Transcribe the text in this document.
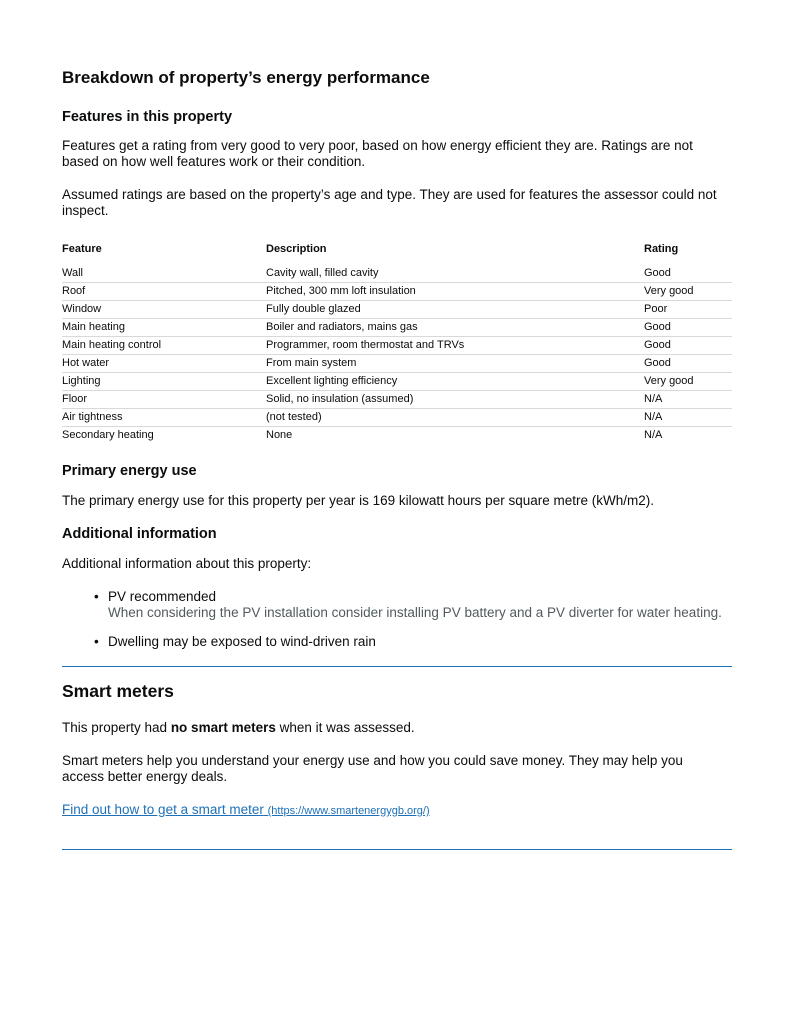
Breakdown of property’s energy performance
Features in this property

Features get a rating from very good to very poor, based on how energy efficient they are. Ratings are not based on how well features work or their condition.

Assumed ratings are based on the property’s age and type. They are used for features the assessor could not inspect.

Feature	Description	Rating
Wall	Cavity wall, filled cavity	Good
Roof	Pitched, 300 mm loft insulation	Very good
Window	Fully double glazed	Poor
Main heating	Boiler and radiators, mains gas	Good
Main heating control	Programmer, room thermostat and TRVs	Good
Hot water	From main system	Good
Lighting	Excellent lighting efficiency	Very good
Floor	Solid, no insulation (assumed)	N/A
Air tightness	(not tested)	N/A
Secondary heating	None	N/A
Primary energy use

The primary energy use for this property per year is 169 kilowatt hours per square metre (kWh/m2).

Additional information

Additional information about this property:

• PV recommended
When considering the PV installation consider installing PV battery and a PV diverter for water heating.
• Dwelling may be exposed to wind-driven rain
Smart meters

This property had no smart meters when it was assessed.

Smart meters help you understand your energy use and how you could save money. They may help you access better energy deals.

Find out how to get a smart meter (https://www.smartenergygb.org/)
